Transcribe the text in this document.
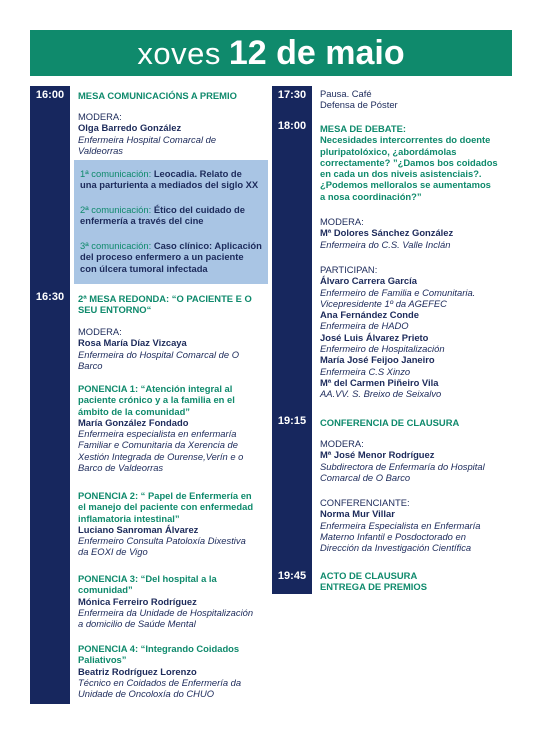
xoves 12 de maio
16:00
16:30
17:30
18:00
19:15
19:45
MESA COMUNICACIÓNS A PREMIO
MODERA:
Olga Barredo González
Enfermeira Hospital Comarcal de
Valdeorras
2ª MESA REDONDA: “O PACIENTE E O
SEU ENTORNO“
MODERA:
Rosa María Díaz Vizcaya
Enfermeira do Hospital Comarcal de O
Barco
PONENCIA 1: “Atención integral al
paciente crónico y a la familia en el
ámbito de la comunidad”
María González Fondado
Enfermeira especialista en enfermaría
Familiar e Comunitaria da Xerencia de
Xestión Integrada de Ourense,Verín e o
Barco de Valdeorras
PONENCIA 2: “ Papel de Enfermería en
el manejo del paciente con enfermedad
inflamatoria intestinal”
Luciano Sanroman Álvarez
Enfermeiro Consulta Patoloxía Dixestiva
da EOXI de Vigo
PONENCIA 3: “Del hospital a la
comunidad”
Mónica Ferreiro Rodríguez
Enfermeira da Unidade de Hospitalización
a domicilio de Saúde Mental
PONENCIA 4: “Integrando Coidados
Paliativos”
Beatriz Rodríguez Lorenzo
Técnico en Coidados de Enfermería da
Unidade de Oncoloxía do CHUO
1ª comunicación: Leocadia. Relato de
una parturienta a mediados del siglo XX
2ª comunicación: Ético del cuidado de
enfermería a través del cine
3ª comunicación: Caso clínico: Aplicación
del proceso enfermero a un paciente
con úlcera tumoral infectada
Pausa. Café
Defensa de Póster
MESA DE DEBATE:
Necesidades intercorrentes do doente
pluripatolóxico, ¿abordámolas
correctamente? ”¿Damos bos coidados
en cada un dos niveis asistenciais?.
¿Podemos melloralos se aumentamos
a nosa coordinación?”
MODERA:
Mª Dolores Sánchez González
Enfermeira do C.S. Valle Inclán
PARTICIPAN:
Álvaro Carrera García
Enfermeiro de Familia e Comunitaria.
Vicepresidente 1º da AGEFEC
Ana Fernández Conde
Enfermeira de HADO
José Luis Álvarez Prieto
Enfermeiro de Hospitalización
María José Feijoo Janeiro
Enfermeira C.S Xinzo
Mª del Carmen Piñeiro Vila
AA.VV. S. Breixo de Seixalvo
CONFERENCIA DE CLAUSURA
MODERA:
Mª José Menor Rodríguez
Subdirectora de Enfermaría do Hospital
Comarcal de O Barco
CONFERENCIANTE:
Norma Mur Villar
Enfermeira Especialista en Enfermaría
Materno Infantil e Posdoctorado en
Dirección da Investigación Científica
ACTO DE CLAUSURA
ENTREGA DE PREMIOS
